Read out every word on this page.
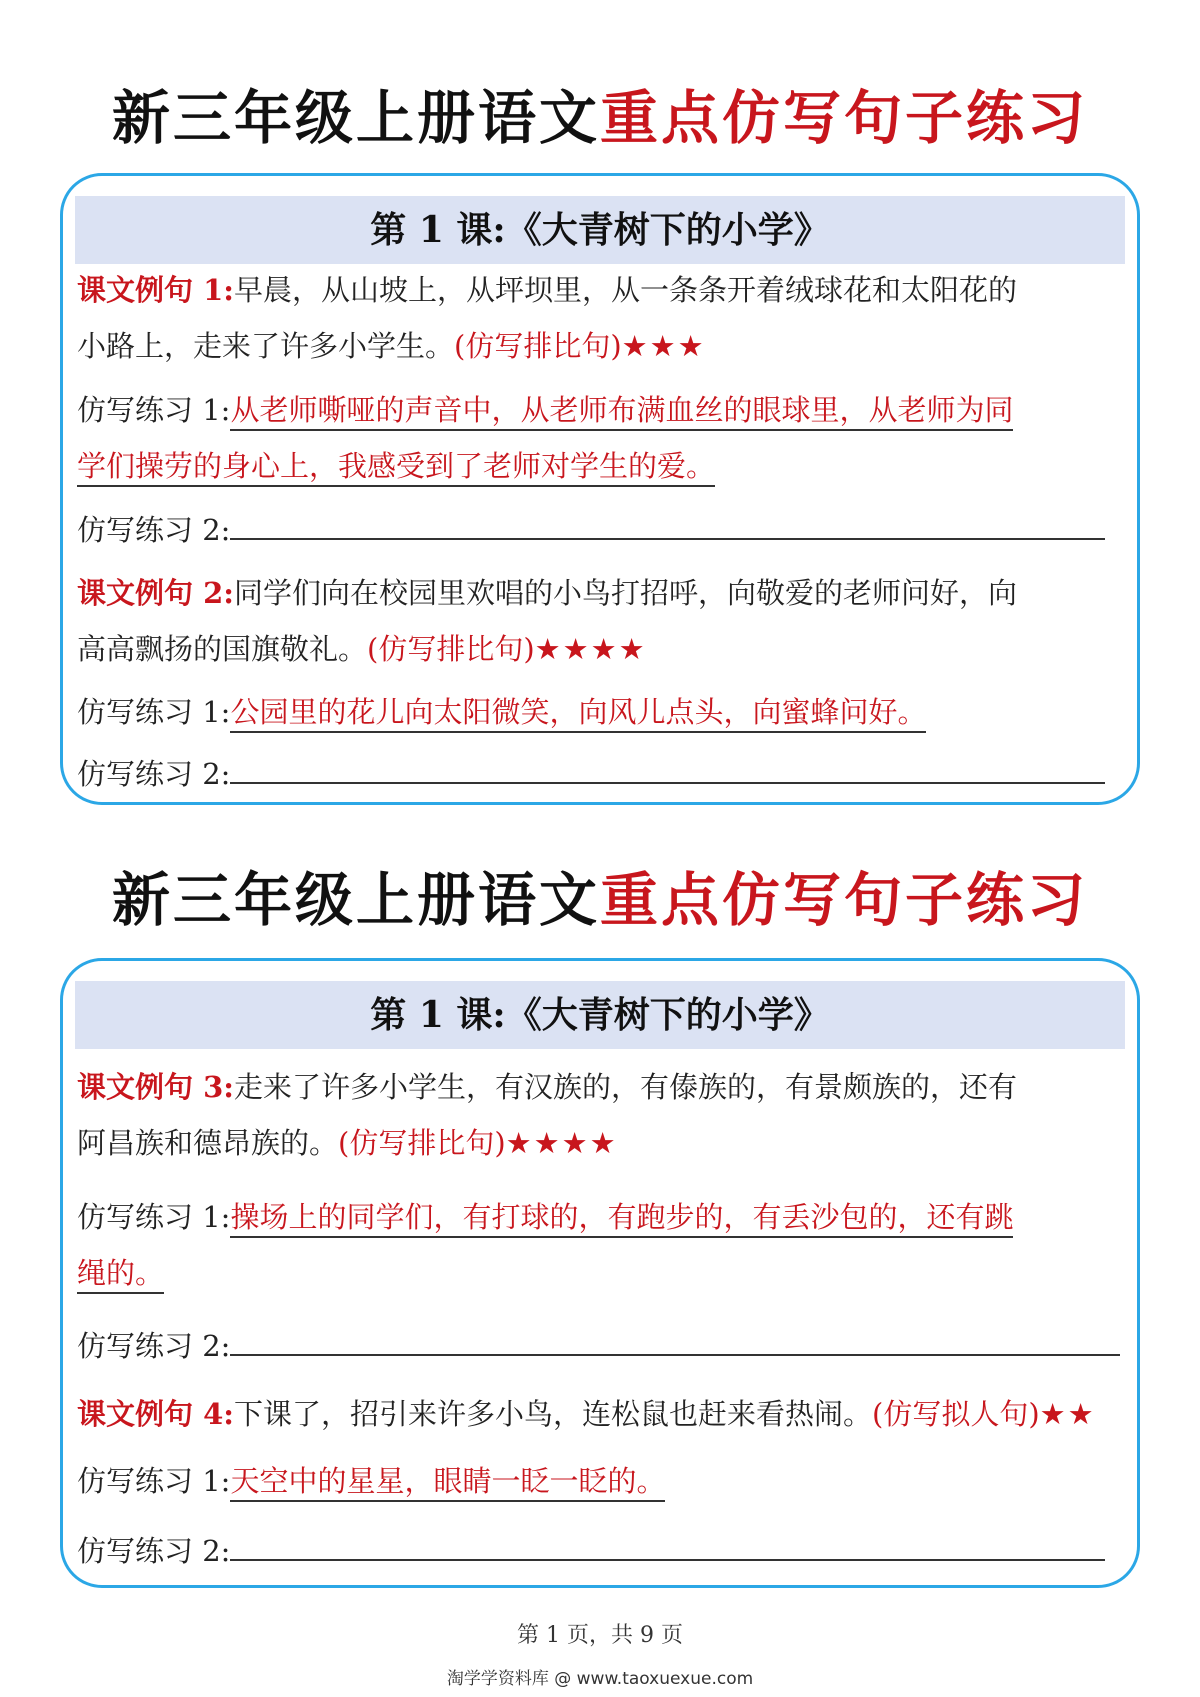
新三年级上册语文重点仿写句子练习
第 1 课:《大青树下的小学》
课文例句 1:早晨，从山坡上，从坪坝里，从一条条开着绒球花和太阳花的
小路上，走来了许多小学生。(仿写排比句)★★★
仿写练习 1:从老师嘶哑的声音中，从老师布满血丝的眼球里，从老师为同
学们操劳的身心上，我感受到了老师对学生的爱。
仿写练习 2:
课文例句 2:同学们向在校园里欢唱的小鸟打招呼，向敬爱的老师问好，向
高高飘扬的国旗敬礼。(仿写排比句)★★★★
仿写练习 1:公园里的花儿向太阳微笑，向风儿点头，向蜜蜂问好。
仿写练习 2:
新三年级上册语文重点仿写句子练习
第 1 课:《大青树下的小学》
课文例句 3:走来了许多小学生，有汉族的，有傣族的，有景颇族的，还有
阿昌族和德昂族的。(仿写排比句)★★★★
仿写练习 1:操场上的同学们，有打球的，有跑步的，有丢沙包的，还有跳
绳的。
仿写练习 2:
课文例句 4:下课了，招引来许多小鸟，连松鼠也赶来看热闹。(仿写拟人句)★★
仿写练习 1:天空中的星星，眼睛一眨一眨的。
仿写练习 2:
第 1 页，共 9 页
淘学学资料库 @ www.taoxuexue.com
